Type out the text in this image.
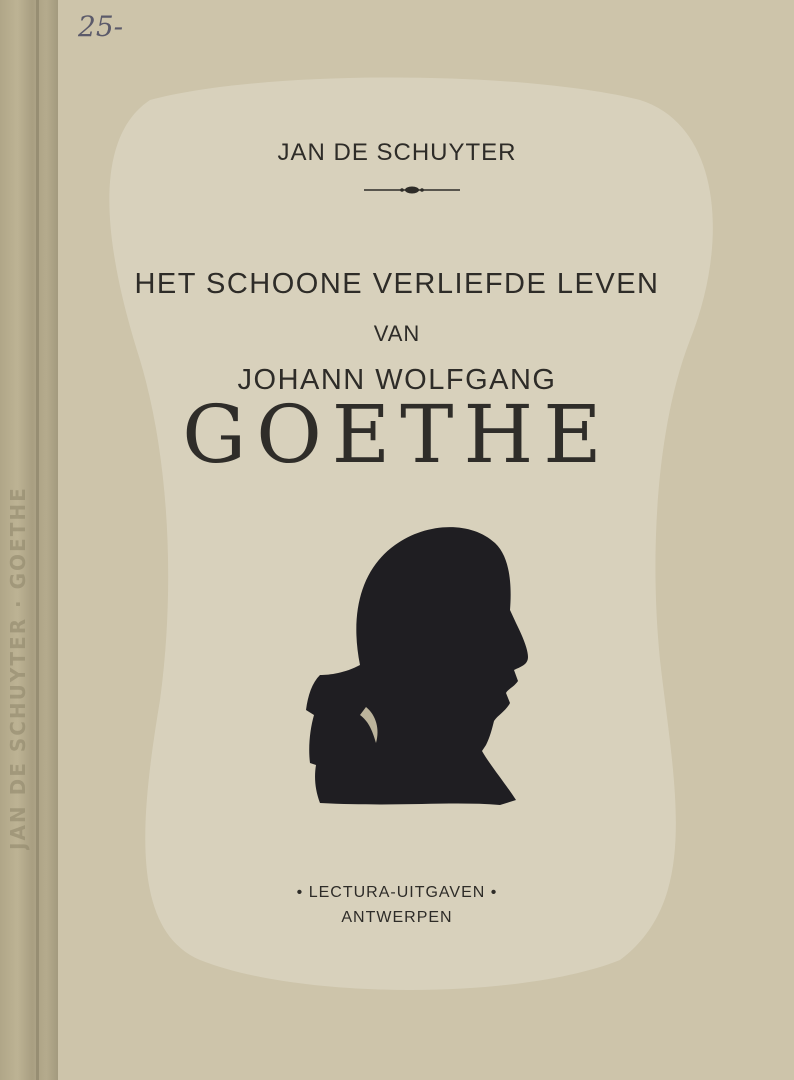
JAN DE SCHUYTER · GOETHE
25-
JAN DE SCHUYTER
HET SCHOONE VERLIEFDE LEVEN
VAN
JOHANN WOLFGANG
GOETHE
• LECTURA-UITGAVEN •
ANTWERPEN
